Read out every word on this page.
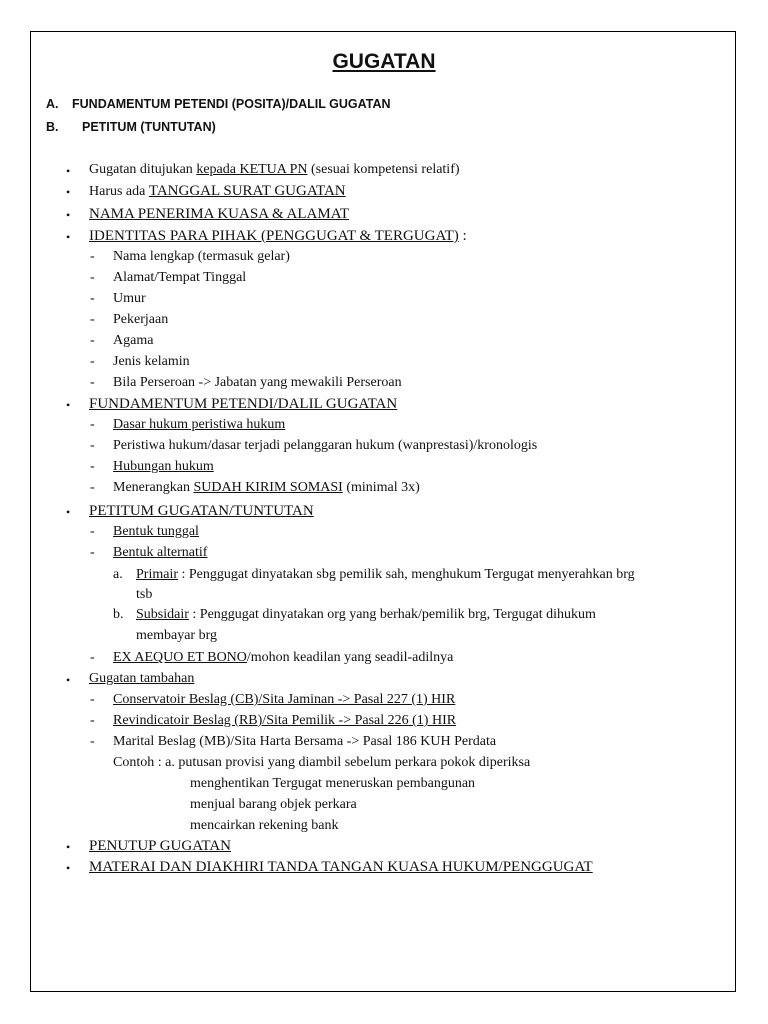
GUGATAN
A. FUNDAMENTUM PETENDI (POSITA)/DALIL GUGATAN
B. PETITUM (TUNTUTAN)
• Gugatan ditujukan kepada KETUA PN (sesuai kompetensi relatif)
• Harus ada TANGGAL SURAT GUGATAN
• NAMA PENERIMA KUASA & ALAMAT
• IDENTITAS PARA PIHAK (PENGGUGAT & TERGUGAT) :
- Nama lengkap (termasuk gelar)
- Alamat/Tempat Tinggal
- Umur
- Pekerjaan
- Agama
- Jenis kelamin
- Bila Perseroan -> Jabatan yang mewakili Perseroan
• FUNDAMENTUM PETENDI/DALIL GUGATAN
- Dasar hukum peristiwa hukum
- Peristiwa hukum/dasar terjadi pelanggaran hukum (wanprestasi)/kronologis
- Hubungan hukum
- Menerangkan SUDAH KIRIM SOMASI (minimal 3x)
• PETITUM GUGATAN/TUNTUTAN
- Bentuk tunggal
- Bentuk alternatif
a. Primair : Penggugat dinyatakan sbg pemilik sah, menghukum Tergugat menyerahkan brg
tsb
b. Subsidair : Penggugat dinyatakan org yang berhak/pemilik brg, Tergugat dihukum
membayar brg
- EX AEQUO ET BONO/mohon keadilan yang seadil-adilnya
• Gugatan tambahan
- Conservatoir Beslag (CB)/Sita Jaminan -> Pasal 227 (1) HIR
- Revindicatoir Beslag (RB)/Sita Pemilik -> Pasal 226 (1) HIR
- Marital Beslag (MB)/Sita Harta Bersama -> Pasal 186 KUH Perdata
Contoh : a. putusan provisi yang diambil sebelum perkara pokok diperiksa
menghentikan Tergugat meneruskan pembangunan
menjual barang objek perkara
mencairkan rekening bank
• PENUTUP GUGATAN
• MATERAI DAN DIAKHIRI TANDA TANGAN KUASA HUKUM/PENGGUGAT
